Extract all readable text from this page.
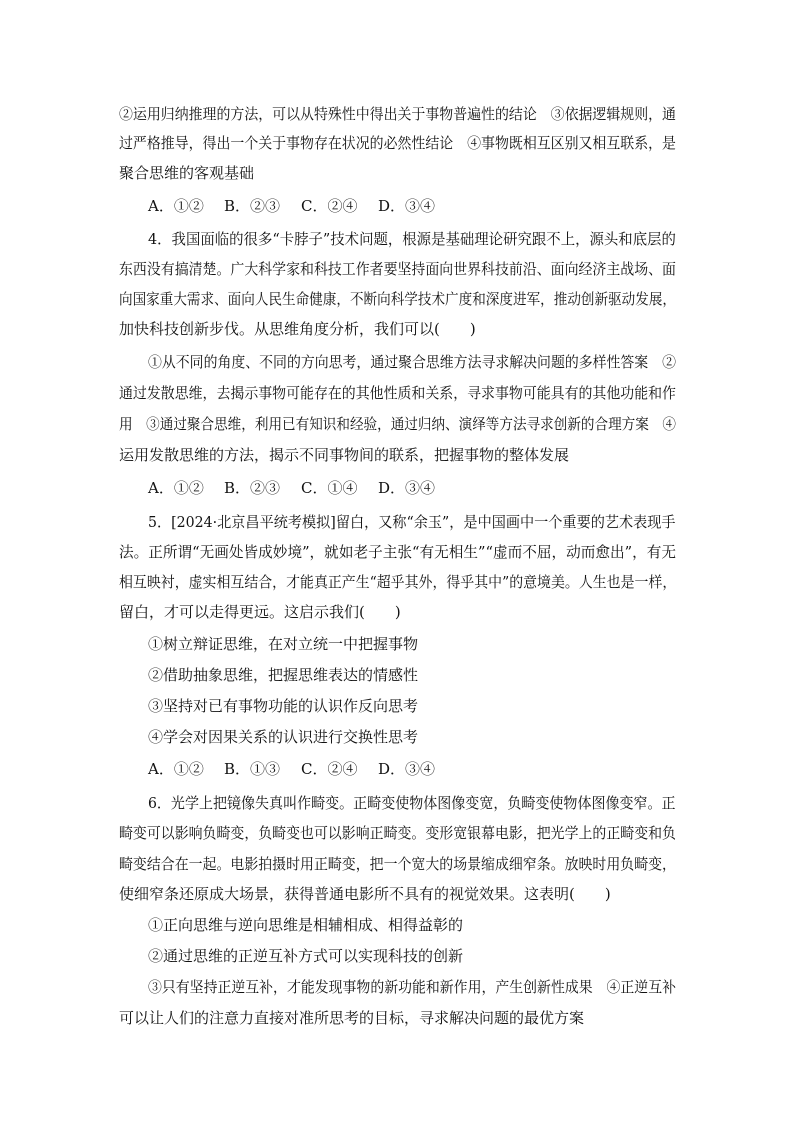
②运用归纳推理的方法，可以从特殊性中得出关于事物普遍性的结论　③依据逻辑规则，通
过严格推导，得出一个关于事物存在状况的必然性结论　④事物既相互区别又相互联系，是
聚合思维的客观基础
A．①② B．②③ C．②④ D．③④
4．我国面临的很多“卡脖子”技术问题，根源是基础理论研究跟不上，源头和底层的
东西没有搞清楚。广大科学家和科技工作者要坚持面向世界科技前沿、面向经济主战场、面
向国家重大需求、面向人民生命健康，不断向科学技术广度和深度进军，推动创新驱动发展，
加快科技创新步伐。从思维角度分析，我们可以(　　)
①从不同的角度、不同的方向思考，通过聚合思维方法寻求解决问题的多样性答案　②
通过发散思维，去揭示事物可能存在的其他性质和关系，寻求事物可能具有的其他功能和作
用　③通过聚合思维，利用已有知识和经验，通过归纳、演绎等方法寻求创新的合理方案　④
运用发散思维的方法，揭示不同事物间的联系，把握事物的整体发展
A．①② B．②③ C．①④ D．③④
5．[2024·北京昌平统考模拟]留白，又称“余玉”，是中国画中一个重要的艺术表现手
法。正所谓“无画处皆成妙境”，就如老子主张“有无相生”“虚而不屈，动而愈出”，有无
相互映衬，虚实相互结合，才能真正产生“超乎其外，得乎其中”的意境美。人生也是一样，
留白，才可以走得更远。这启示我们(　　)
①树立辩证思维，在对立统一中把握事物
②借助抽象思维，把握思维表达的情感性
③坚持对已有事物功能的认识作反向思考
④学会对因果关系的认识进行交换性思考
A．①② B．①③ C．②④ D．③④
6．光学上把镜像失真叫作畸变。正畸变使物体图像变宽，负畸变使物体图像变窄。正
畸变可以影响负畸变，负畸变也可以影响正畸变。变形宽银幕电影，把光学上的正畸变和负
畸变结合在一起。电影拍摄时用正畸变，把一个宽大的场景缩成细窄条。放映时用负畸变，
使细窄条还原成大场景，获得普通电影所不具有的视觉效果。这表明(　　)
①正向思维与逆向思维是相辅相成、相得益彰的
②通过思维的正逆互补方式可以实现科技的创新
③只有坚持正逆互补，才能发现事物的新功能和新作用，产生创新性成果　④正逆互补
可以让人们的注意力直接对准所思考的目标，寻求解决问题的最优方案
